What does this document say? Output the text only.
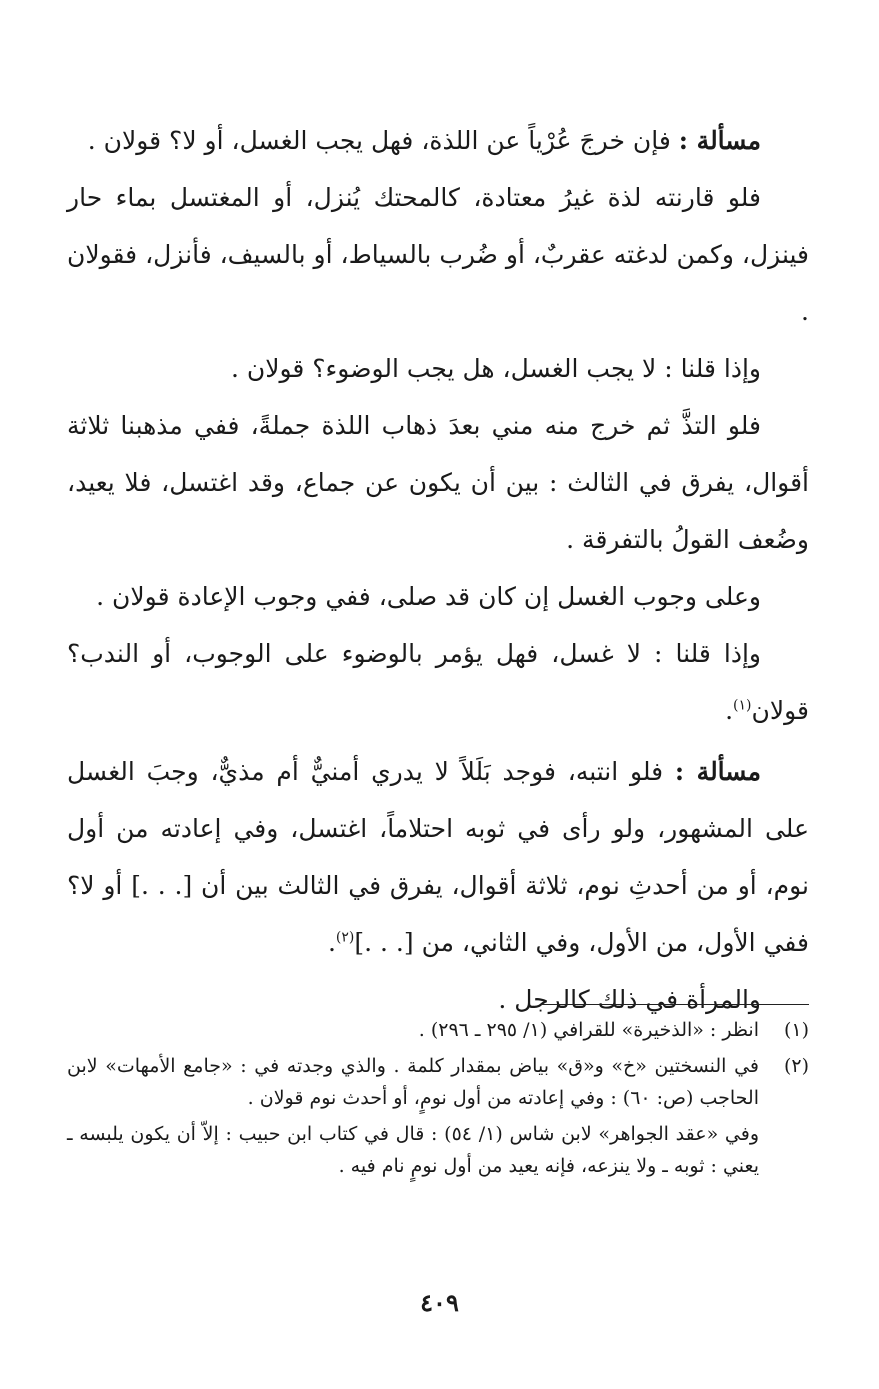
مسألة : فإن خرجَ عُرْياً عن اللذة، فهل يجب الغسل، أو لا؟ قولان .

فلو قارنته لذة غيرُ معتادة، كالمحتك يُنزل، أو المغتسل بماء حار فينزل، وكمن لدغته عقربٌ، أو ضُرب بالسياط، أو بالسيف، فأنزل، فقولان .

وإذا قلنا : لا يجب الغسل، هل يجب الوضوء؟ قولان .

فلو التذَّ ثم خرج منه مني بعدَ ذهاب اللذة جملةً، ففي مذهبنا ثلاثة أقوال، يفرق في الثالث : بين أن يكون عن جماع، وقد اغتسل، فلا يعيد، وضُعف القولُ بالتفرقة .

وعلى وجوب الغسل إن كان قد صلى، ففي وجوب الإعادة قولان .

وإذا قلنا : لا غسل، فهل يؤمر بالوضوء على الوجوب، أو الندب؟ قولان$^{(١)}$.

مسألة : فلو انتبه، فوجد بَلَلاً لا يدري أمنيٌّ أم مذيٌّ، وجبَ الغسل على المشهور، ولو رأى في ثوبه احتلاماً، اغتسل، وفي إعادته من أول نوم، أو من أحدثِ نوم، ثلاثة أقوال، يفرق في الثالث بين أن [. . .] أو لا؟ ففي الأول، من الأول، وفي الثاني، من [. . .]$^{(٢)}$.

والمرأة في ذلك كالرجل .

(١)
انظر : «الذخيرة» للقرافي (١/ ٢٩٥ ـ ٢٩٦) .
(٢)
في النسختين «خ» و«ق» بياض بمقدار كلمة . والذي وجدته في : «جامع الأمهات» لابن الحاجب (ص: ٦٠) : وفي إعادته من أول نومٍ، أو أحدث نوم قولان .
وفي «عقد الجواهر» لابن شاس (١/ ٥٤) : قال في كتاب ابن حبيب : إلاّ أن يكون يلبسه ـ يعني : ثوبه ـ ولا ينزعه، فإنه يعيد من أول نومٍ نام فيه .
٤٠٩
